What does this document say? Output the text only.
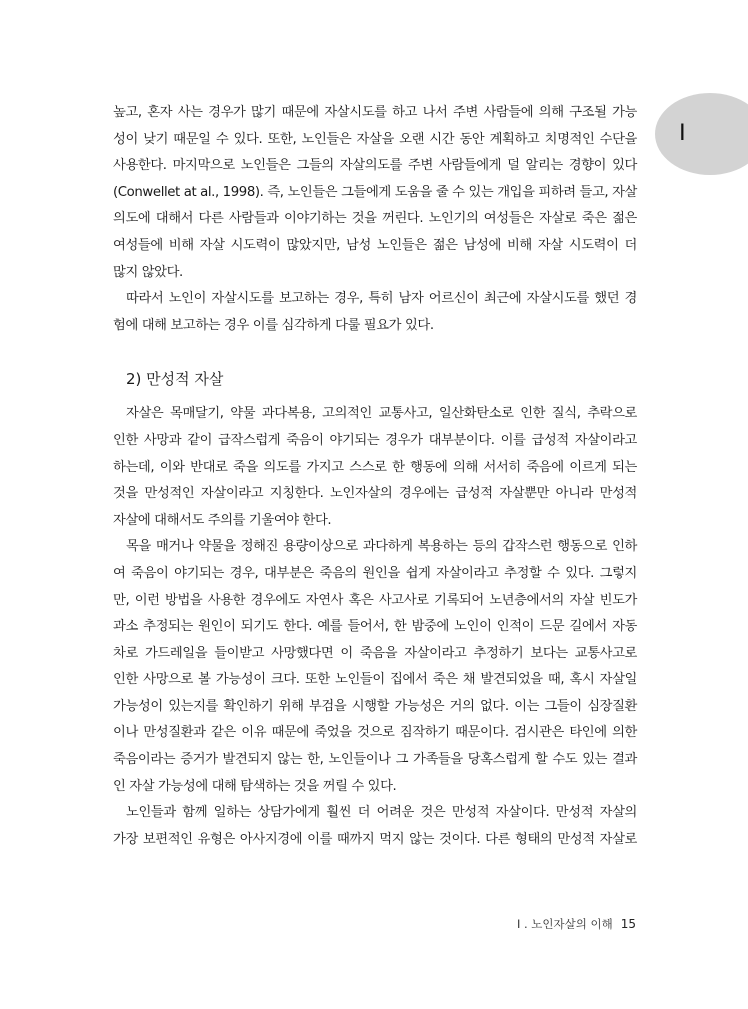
I
높고, 혼자 사는 경우가 많기 때문에 자살시도를 하고 나서 주변 사람들에 의해 구조될 가능
성이 낮기 때문일 수 있다. 또한, 노인들은 자살을 오랜 시간 동안 계획하고 치명적인 수단을
사용한다. 마지막으로 노인들은 그들의 자살의도를 주변 사람들에게 덜 알리는 경향이 있다
(Conwellet at al., 1998). 즉, 노인들은 그들에게 도움을 줄 수 있는 개입을 피하려 들고, 자살
의도에 대해서 다른 사람들과 이야기하는 것을 꺼린다. 노인기의 여성들은 자살로 죽은 젊은
여성들에 비해 자살 시도력이 많았지만, 남성 노인들은 젊은 남성에 비해 자살 시도력이 더
많지 않았다.
따라서 노인이 자살시도를 보고하는 경우, 특히 남자 어르신이 최근에 자살시도를 했던 경
험에 대해 보고하는 경우 이를 심각하게 다룰 필요가 있다.
2) 만성적 자살
자살은 목매달기, 약물 과다복용, 고의적인 교통사고, 일산화탄소로 인한 질식, 추락으로
인한 사망과 같이 급작스럽게 죽음이 야기되는 경우가 대부분이다. 이를 급성적 자살이라고
하는데, 이와 반대로 죽을 의도를 가지고 스스로 한 행동에 의해 서서히 죽음에 이르게 되는
것을 만성적인 자살이라고 지칭한다. 노인자살의 경우에는 급성적 자살뿐만 아니라 만성적
자살에 대해서도 주의를 기울여야 한다.
목을 매거나 약물을 정해진 용량이상으로 과다하게 복용하는 등의 갑작스런 행동으로 인하
여 죽음이 야기되는 경우, 대부분은 죽음의 원인을 쉽게 자살이라고 추정할 수 있다. 그렇지
만, 이런 방법을 사용한 경우에도 자연사 혹은 사고사로 기록되어 노년층에서의 자살 빈도가
과소 추정되는 원인이 되기도 한다. 예를 들어서, 한 밤중에 노인이 인적이 드문 길에서 자동
차로 가드레일을 들이받고 사망했다면 이 죽음을 자살이라고 추정하기 보다는 교통사고로
인한 사망으로 볼 가능성이 크다. 또한 노인들이 집에서 죽은 채 발견되었을 때, 혹시 자살일
가능성이 있는지를 확인하기 위해 부검을 시행할 가능성은 거의 없다. 이는 그들이 심장질환
이나 만성질환과 같은 이유 때문에 죽었을 것으로 짐작하기 때문이다. 검시관은 타인에 의한
죽음이라는 증거가 발견되지 않는 한, 노인들이나 그 가족들을 당혹스럽게 할 수도 있는 결과
인 자살 가능성에 대해 탐색하는 것을 꺼릴 수 있다.
노인들과 함께 일하는 상담가에게 훨씬 더 어려운 것은 만성적 자살이다. 만성적 자살의
가장 보편적인 유형은 아사지경에 이를 때까지 먹지 않는 것이다. 다른 형태의 만성적 자살로
I . 노인자살의 이해 15
